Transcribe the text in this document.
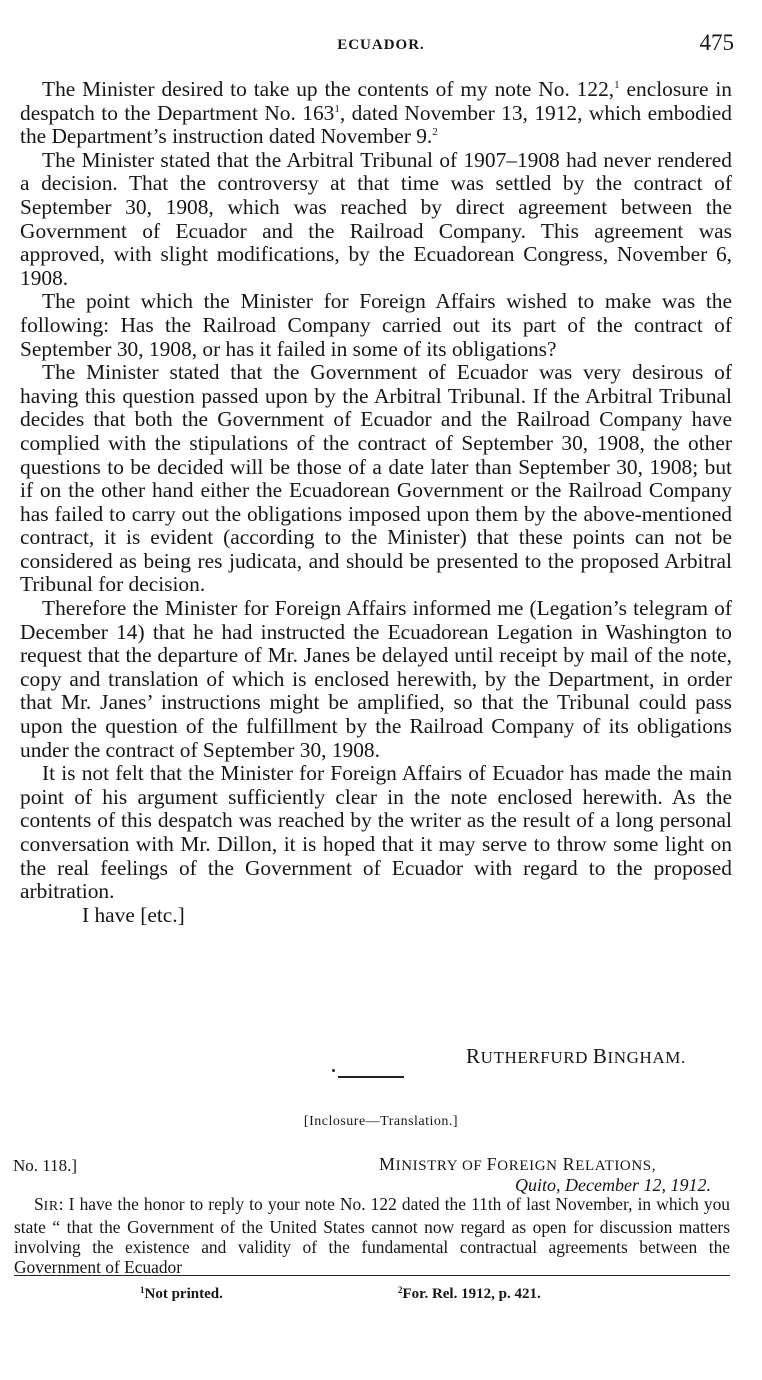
ECUADOR.	475

The Minister desired to take up the contents of my note No. 122,$^1$ enclosure in despatch to the Department No. $163^1$, dated November 13, 1912, which embodied the Department’s instruction dated November 9.$^2$

The Minister stated that the Arbitral Tribunal of 1907–1908 had never rendered a decision. That the controversy at that time was settled by the contract of September 30, 1908, which was reached by direct agreement between the Government of Ecuador and the Railroad Company. This agreement was approved, with slight modifications, by the Ecuadorean Congress, November 6, 1908.

The point which the Minister for Foreign Affairs wished to make was the following: Has the Railroad Company carried out its part of the contract of September 30, 1908, or has it failed in some of its obligations?

The Minister stated that the Government of Ecuador was very desirous of having this question passed upon by the Arbitral Tribunal. If the Arbitral Tribunal decides that both the Government of Ecuador and the Railroad Company have complied with the stipulations of the contract of September 30, 1908, the other questions to be decided will be those of a date later than September 30, 1908; but if on the other hand either the Ecuadorean Government or the Railroad Company has failed to carry out the obligations imposed upon them by the above-mentioned contract, it is evident (according to the Minister) that these points can not be considered as being res judicata, and should be presented to the proposed Arbitral Tribunal for decision.

Therefore the Minister for Foreign Affairs informed me (Legation’s telegram of December 14) that he had instructed the Ecuadorean Legation in Washington to request that the departure of Mr. Janes be delayed until receipt by mail of the note, copy and translation of which is enclosed herewith, by the Department, in order that Mr. Janes’ instructions might be amplified, so that the Tribunal could pass upon the question of the fulfillment by the Railroad Company of its obligations under the contract of September 30, 1908.

It is not felt that the Minister for Foreign Affairs of Ecuador has made the main point of his argument sufficiently clear in the note enclosed herewith. As the contents of this despatch was reached by the writer as the result of a long personal conversation with Mr. Dillon, it is hoped that it may serve to throw some light on the real feelings of the Government of Ecuador with regard to the proposed arbitration.

I have [etc.]

RUTHERFURD BINGHAM.
[Inclosure—Translation.]
No. 118.]	MINISTRY OF FOREIGN RELATIONS,
Quito, December 12, 1912.

SIR: I have the honor to reply to your note No. 122 dated the 11th of last November, in which you state “ that the Government of the United States cannot now regard as open for discussion matters involving the existence and validity of the fundamental contractual agreements between the Government of Ecuador

$^1$Not printed.	$^2$For. Rel. 1912, p. 421.
